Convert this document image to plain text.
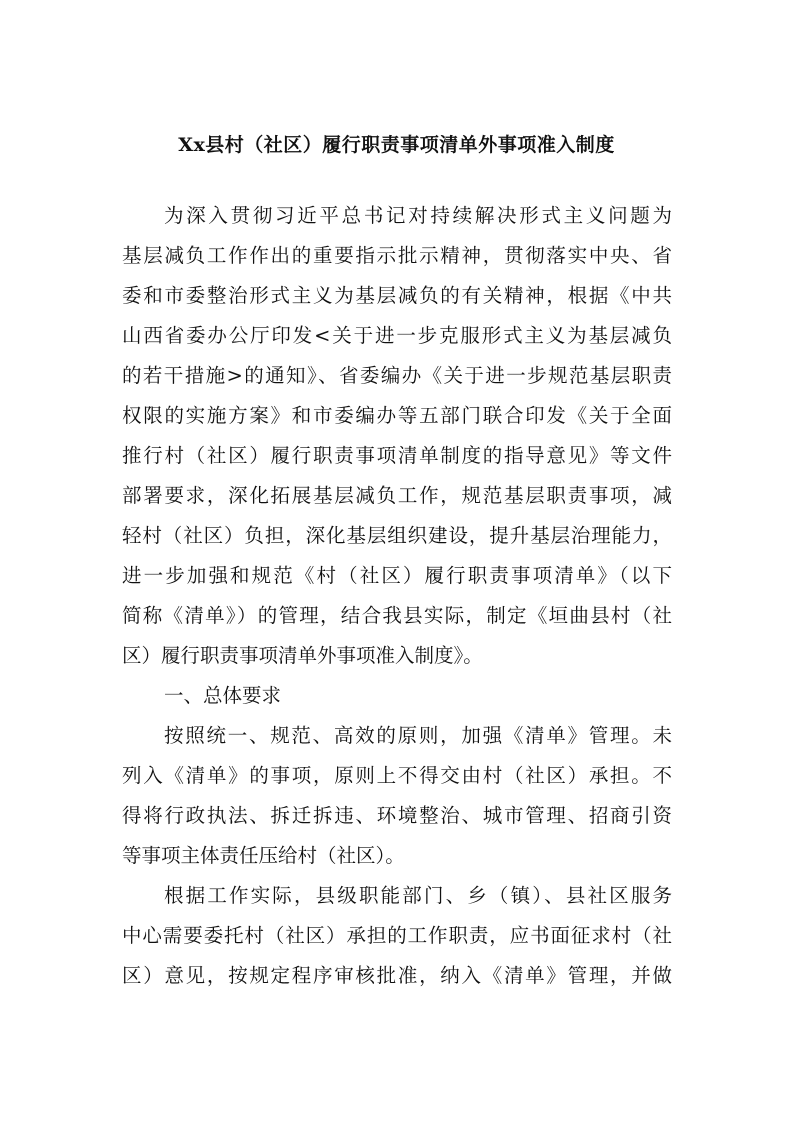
Xx县村（社区）履行职责事项清单外事项准入制度
为深入贯彻习近平总书记对持续解决形式主义问题为
基层减负工作作出的重要指示批示精神，贯彻落实中央、省
委和市委整治形式主义为基层减负的有关精神，根据《中共
山西省委办公厅印发<关于进一步克服形式主义为基层减负
的若干措施>的通知》、省委编办《关于进一步规范基层职责
权限的实施方案》和市委编办等五部门联合印发《关于全面
推行村（社区）履行职责事项清单制度的指导意见》等文件
部署要求，深化拓展基层减负工作，规范基层职责事项，减
轻村（社区）负担，深化基层组织建设，提升基层治理能力，
进一步加强和规范《村（社区）履行职责事项清单》（以下
简称《清单》）的管理，结合我县实际，制定《垣曲县村（社
区）履行职责事项清单外事项准入制度》。
一、总体要求
按照统一、规范、高效的原则，加强《清单》管理。未
列入《清单》的事项，原则上不得交由村（社区）承担。不
得将行政执法、拆迁拆违、环境整治、城市管理、招商引资
等事项主体责任压给村（社区）。
根据工作实际，县级职能部门、乡（镇）、县社区服务
中心需要委托村（社区）承担的工作职责，应书面征求村（社
区）意见，按规定程序审核批准，纳入《清单》管理，并做
